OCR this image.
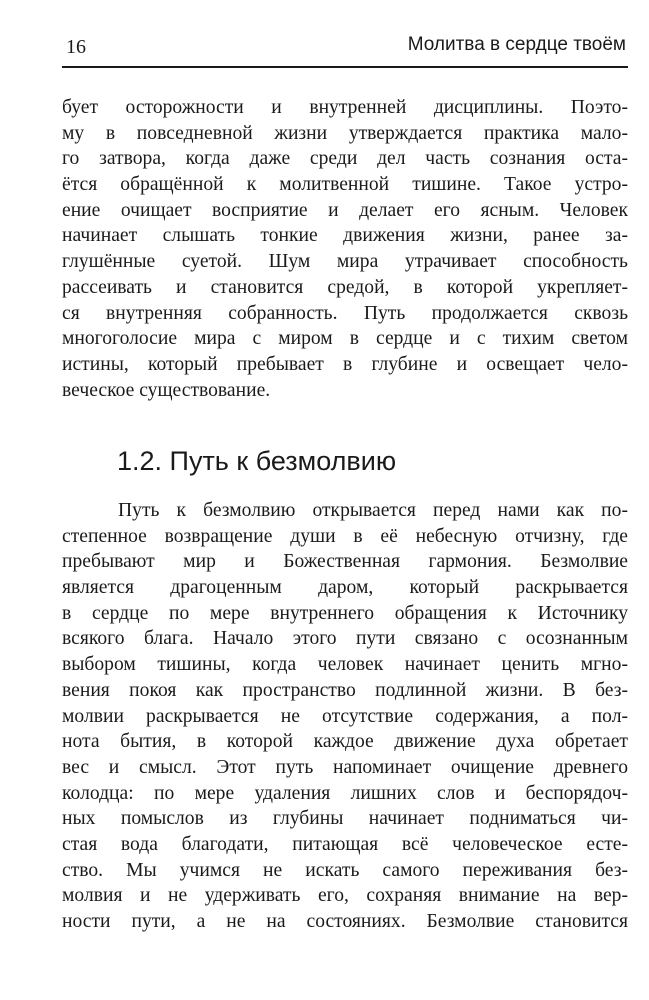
16	Молитва в сердце твоём
бует осторожности и внутренней дисциплины. Поэто-
му в повседневной жизни утверждается практика мало-
го затвора, когда даже среди дел часть сознания оста-
ётся обращённой к молитвенной тишине. Такое устро-
ение очищает восприятие и делает его ясным. Человек
начинает слышать тонкие движения жизни, ранее за-
глушённые суетой. Шум мира утрачивает способность
рассеивать и становится средой, в которой укрепляет-
ся внутренняя собранность. Путь продолжается сквозь
многоголосие мира с миром в сердце и с тихим светом
истины, который пребывает в глубине и освещает чело-
веческое существование.
1.2. Путь к безмолвию
Путь к безмолвию открывается перед нами как по-
степенное возвращение души в её небесную отчизну, где
пребывают мир и Божественная гармония. Безмолвие
является драгоценным даром, который раскрывается
в сердце по мере внутреннего обращения к Источнику
всякого блага. Начало этого пути связано с осознанным
выбором тишины, когда человек начинает ценить мгно-
вения покоя как пространство подлинной жизни. В без-
молвии раскрывается не отсутствие содержания, а пол-
нота бытия, в которой каждое движение духа обретает
вес и смысл. Этот путь напоминает очищение древнего
колодца: по мере удаления лишних слов и беспорядоч-
ных помыслов из глубины начинает подниматься чи-
стая вода благодати, питающая всё человеческое есте-
ство. Мы учимся не искать самого переживания без-
молвия и не удерживать его, сохраняя внимание на вер-
ности пути, а не на состояниях. Безмолвие становится
